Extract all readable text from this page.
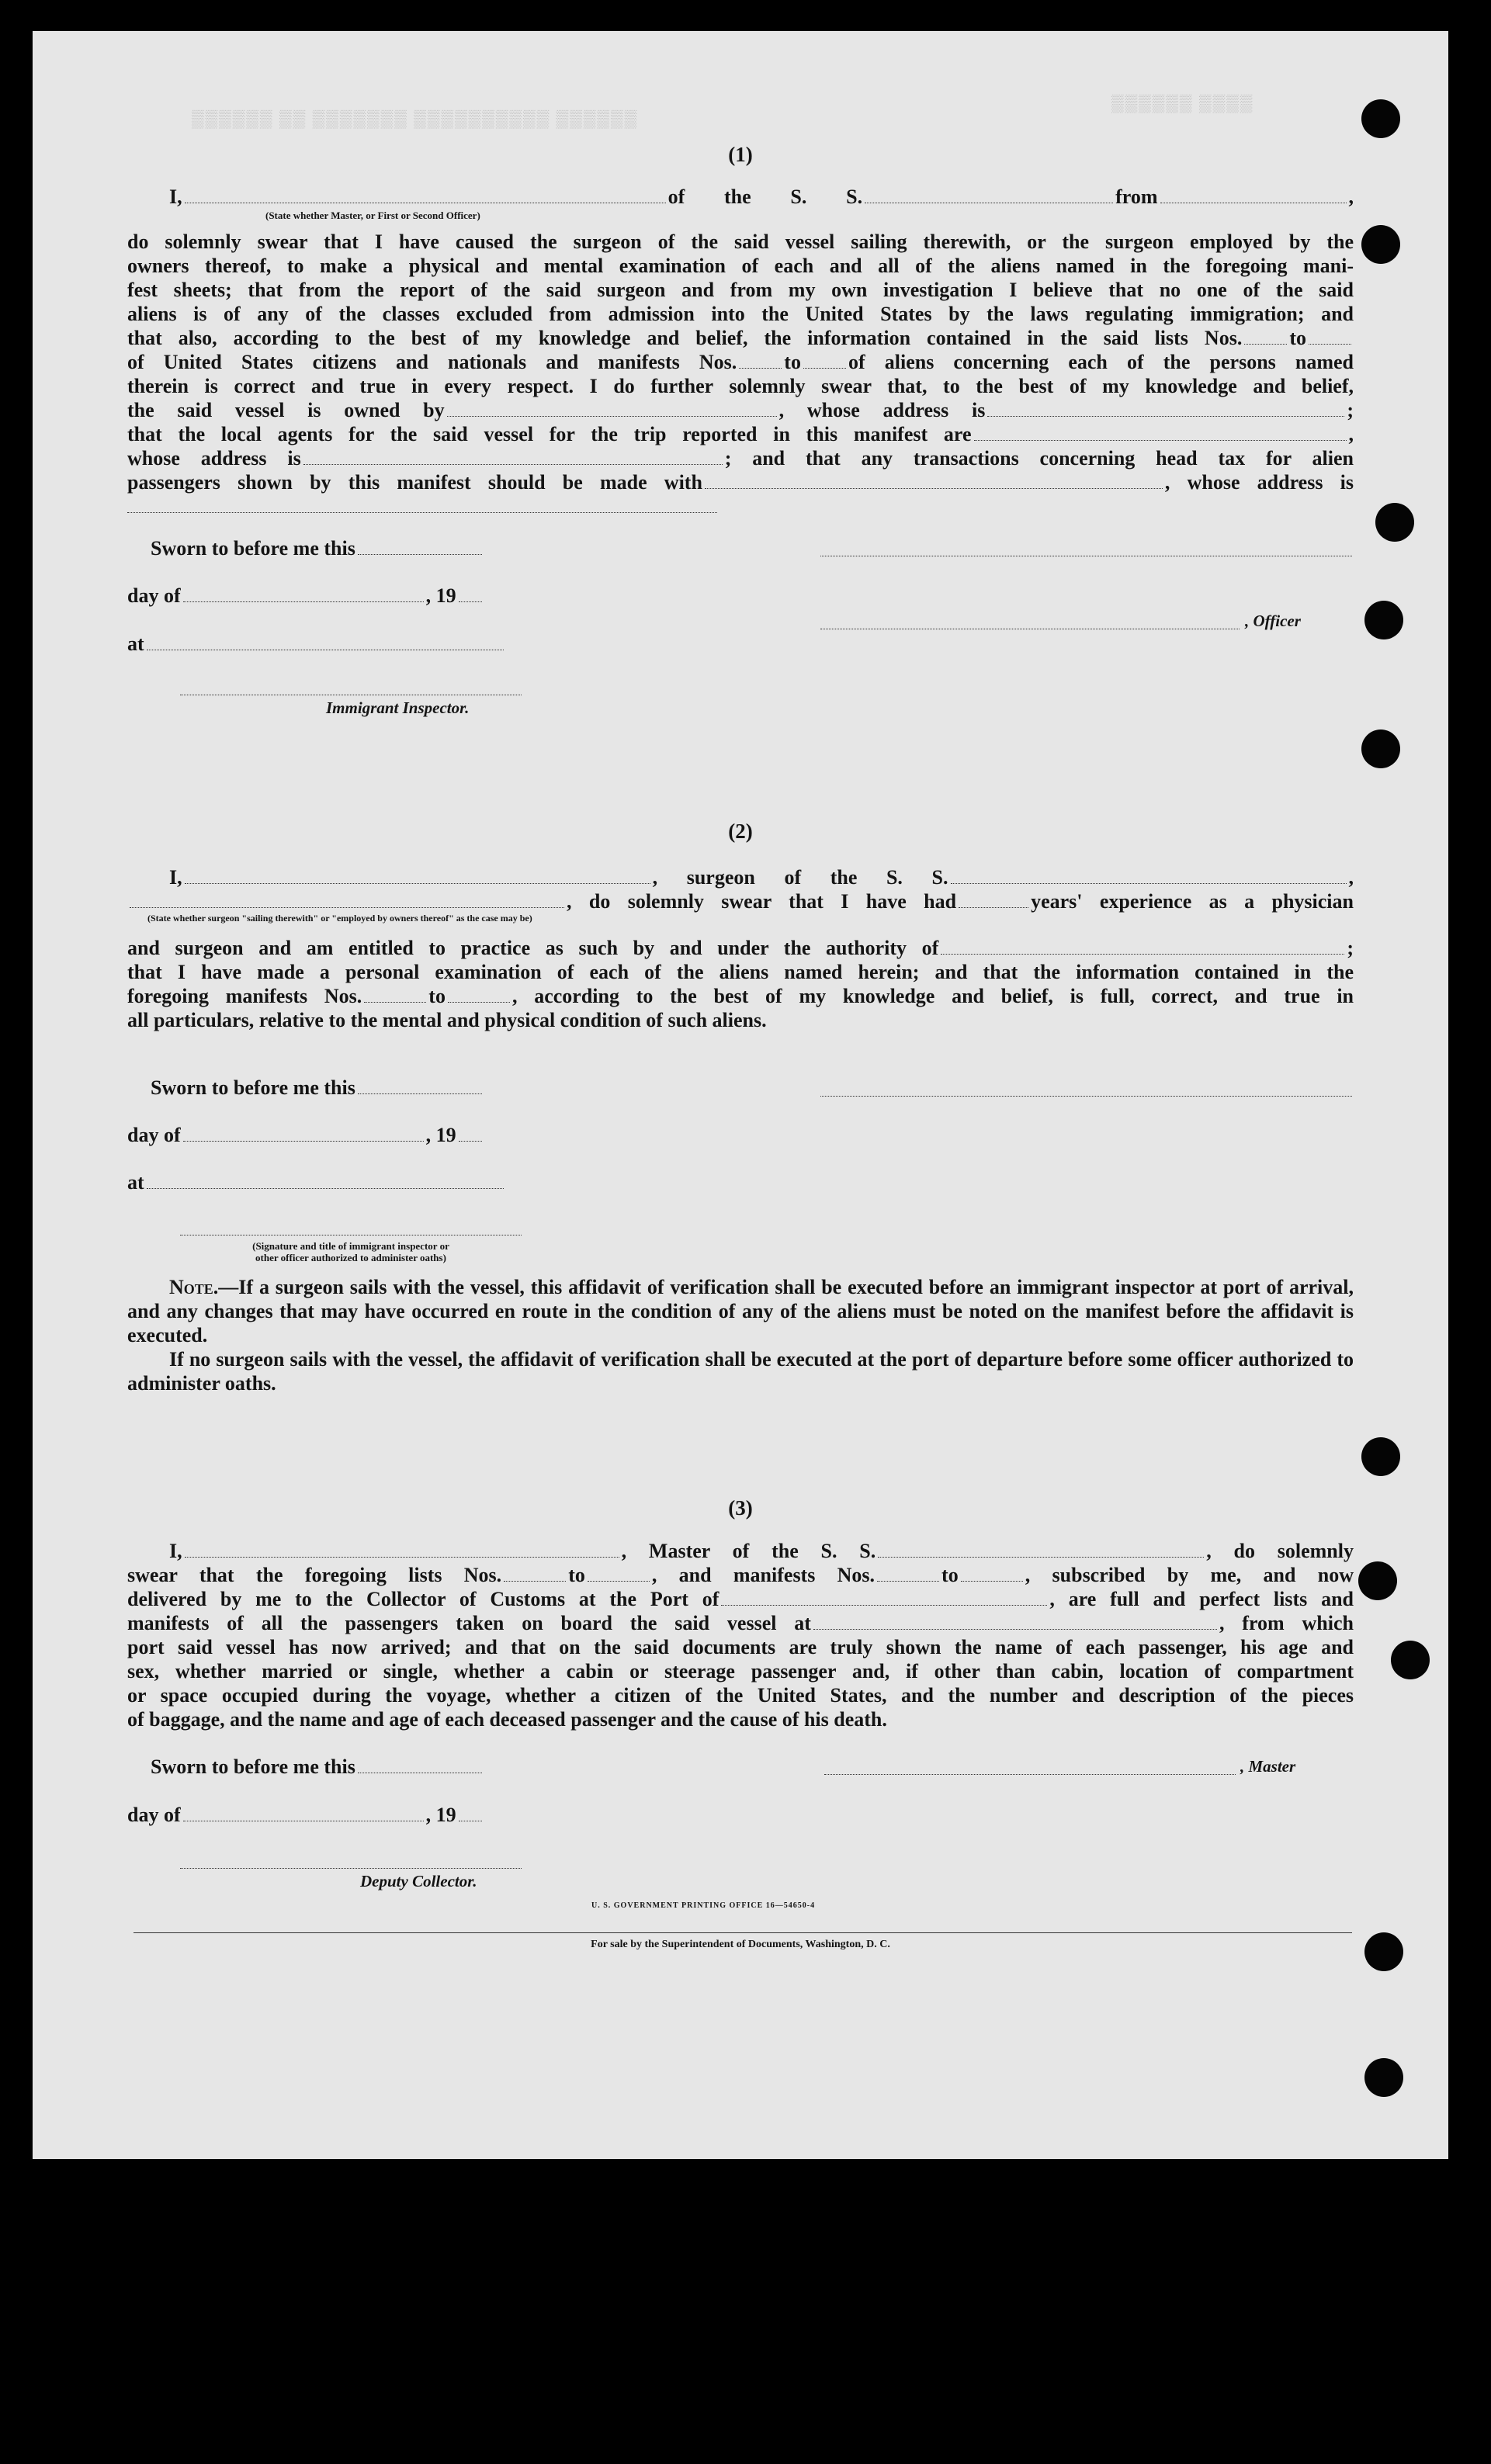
▒▒▒▒▒▒ ▒▒ ▒▒▒▒▒▒▒ ▒▒▒▒▒▒▒▒▒▒ ▒▒▒▒▒▒
▒▒▒▒▒▒ ▒▒▒▒
(1)
I,	of the S. S.	from	,
(State whether Master, or First or Second Officer)
do solemnly swear that I have caused the surgeon of the said vessel sailing therewith, or the surgeon employed by the
owners thereof, to make a physical and mental examination of each and all of the aliens named in the foregoing mani-
fest sheets; that from the report of the said surgeon and from my own investigation I believe that no one of the said
aliens is of any of the classes excluded from admission into the United States by the laws regulating immigration; and
that also, according to the best of my knowledge and belief, the information contained in the said lists Nos. to
of United States citizens and nationals and manifests Nos. to of aliens concerning each of the persons named
therein is correct and true in every respect. I do further solemnly swear that, to the best of my knowledge and belief,
the said vessel is owned by	, whose address is	;
that the local agents for the said vessel for the trip reported in this manifest are	,
whose address is	; and that any transactions concerning head tax for alien
passengers shown by this manifest should be made with	, whose address is
Sworn to before me this
day of	, 19
at
, Officer
Immigrant Inspector.
(2)
I,	, surgeon of the S. S.	,
, do solemnly swear that I have had	years' experience as a physician
(State whether surgeon "sailing therewith" or "employed by owners thereof" as the case may be)
and surgeon and am entitled to practice as such by and under the authority of	;
that I have made a personal examination of each of the aliens named herein; and that the information contained in the
foregoing manifests Nos.	to	, according to the best of my knowledge and belief, is full, correct, and true in
all particulars, relative to the mental and physical condition of such aliens.
Sworn to before me this
day of	, 19
at
(Signature and title of immigrant inspector or
other officer authorized to administer oaths)
Note.—If a surgeon sails with the vessel, this affidavit of verification shall be executed before an immigrant inspector at port of arrival, and any changes that may have occurred en route in the condition of any of the aliens must be noted on the manifest before the affidavit is executed.
If no surgeon sails with the vessel, the affidavit of verification shall be executed at the port of departure before some officer authorized to administer oaths.
(3)
I,	, Master of the S. S.	, do solemnly
swear that the foregoing lists Nos.	to	, and manifests Nos.	to	, subscribed by me, and now
delivered by me to the Collector of Customs at the Port of	, are full and perfect lists and
manifests of all the passengers taken on board the said vessel at	, from which
port said vessel has now arrived; and that on the said documents are truly shown the name of each passenger, his age and
sex, whether married or single, whether a cabin or steerage passenger and, if other than cabin, location of compartment
or space occupied during the voyage, whether a citizen of the United States, and the number and description of the pieces
of baggage, and the name and age of each deceased passenger and the cause of his death.
Sworn to before me this	, Master
day of	, 19
Deputy Collector.
U. S. GOVERNMENT PRINTING OFFICE 16—54650-4
For sale by the Superintendent of Documents, Washington, D. C.
